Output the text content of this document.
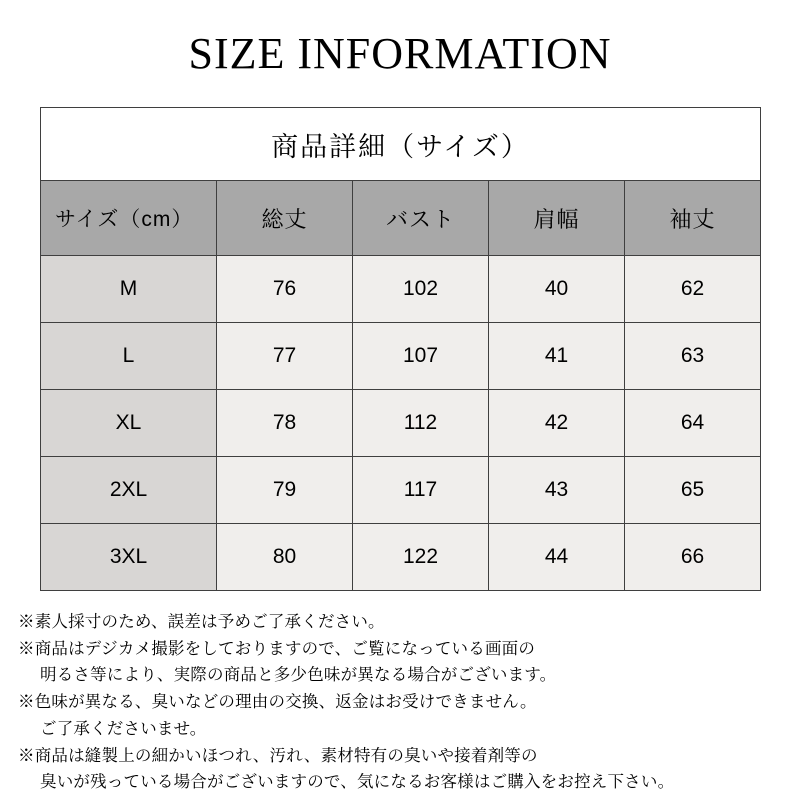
SIZE INFORMATION
商品詳細（サイズ）				
サイズ（cm）	総丈	バスト	肩幅	袖丈
M	76	102	40	62
L	77	107	41	63
XL	78	112	42	64
2XL	79	117	43	65
3XL	80	122	44	66
※素人採寸のため、誤差は予めご了承ください。
※商品はデジカメ撮影をしておりますので、ご覧になっている画面の
明るさ等により、実際の商品と多少色味が異なる場合がございます。
※色味が異なる、臭いなどの理由の交換、返金はお受けできません。
ご了承くださいませ。
※商品は縫製上の細かいほつれ、汚れ、素材特有の臭いや接着剤等の
臭いが残っている場合がございますので、気になるお客様はご購入をお控え下さい。
